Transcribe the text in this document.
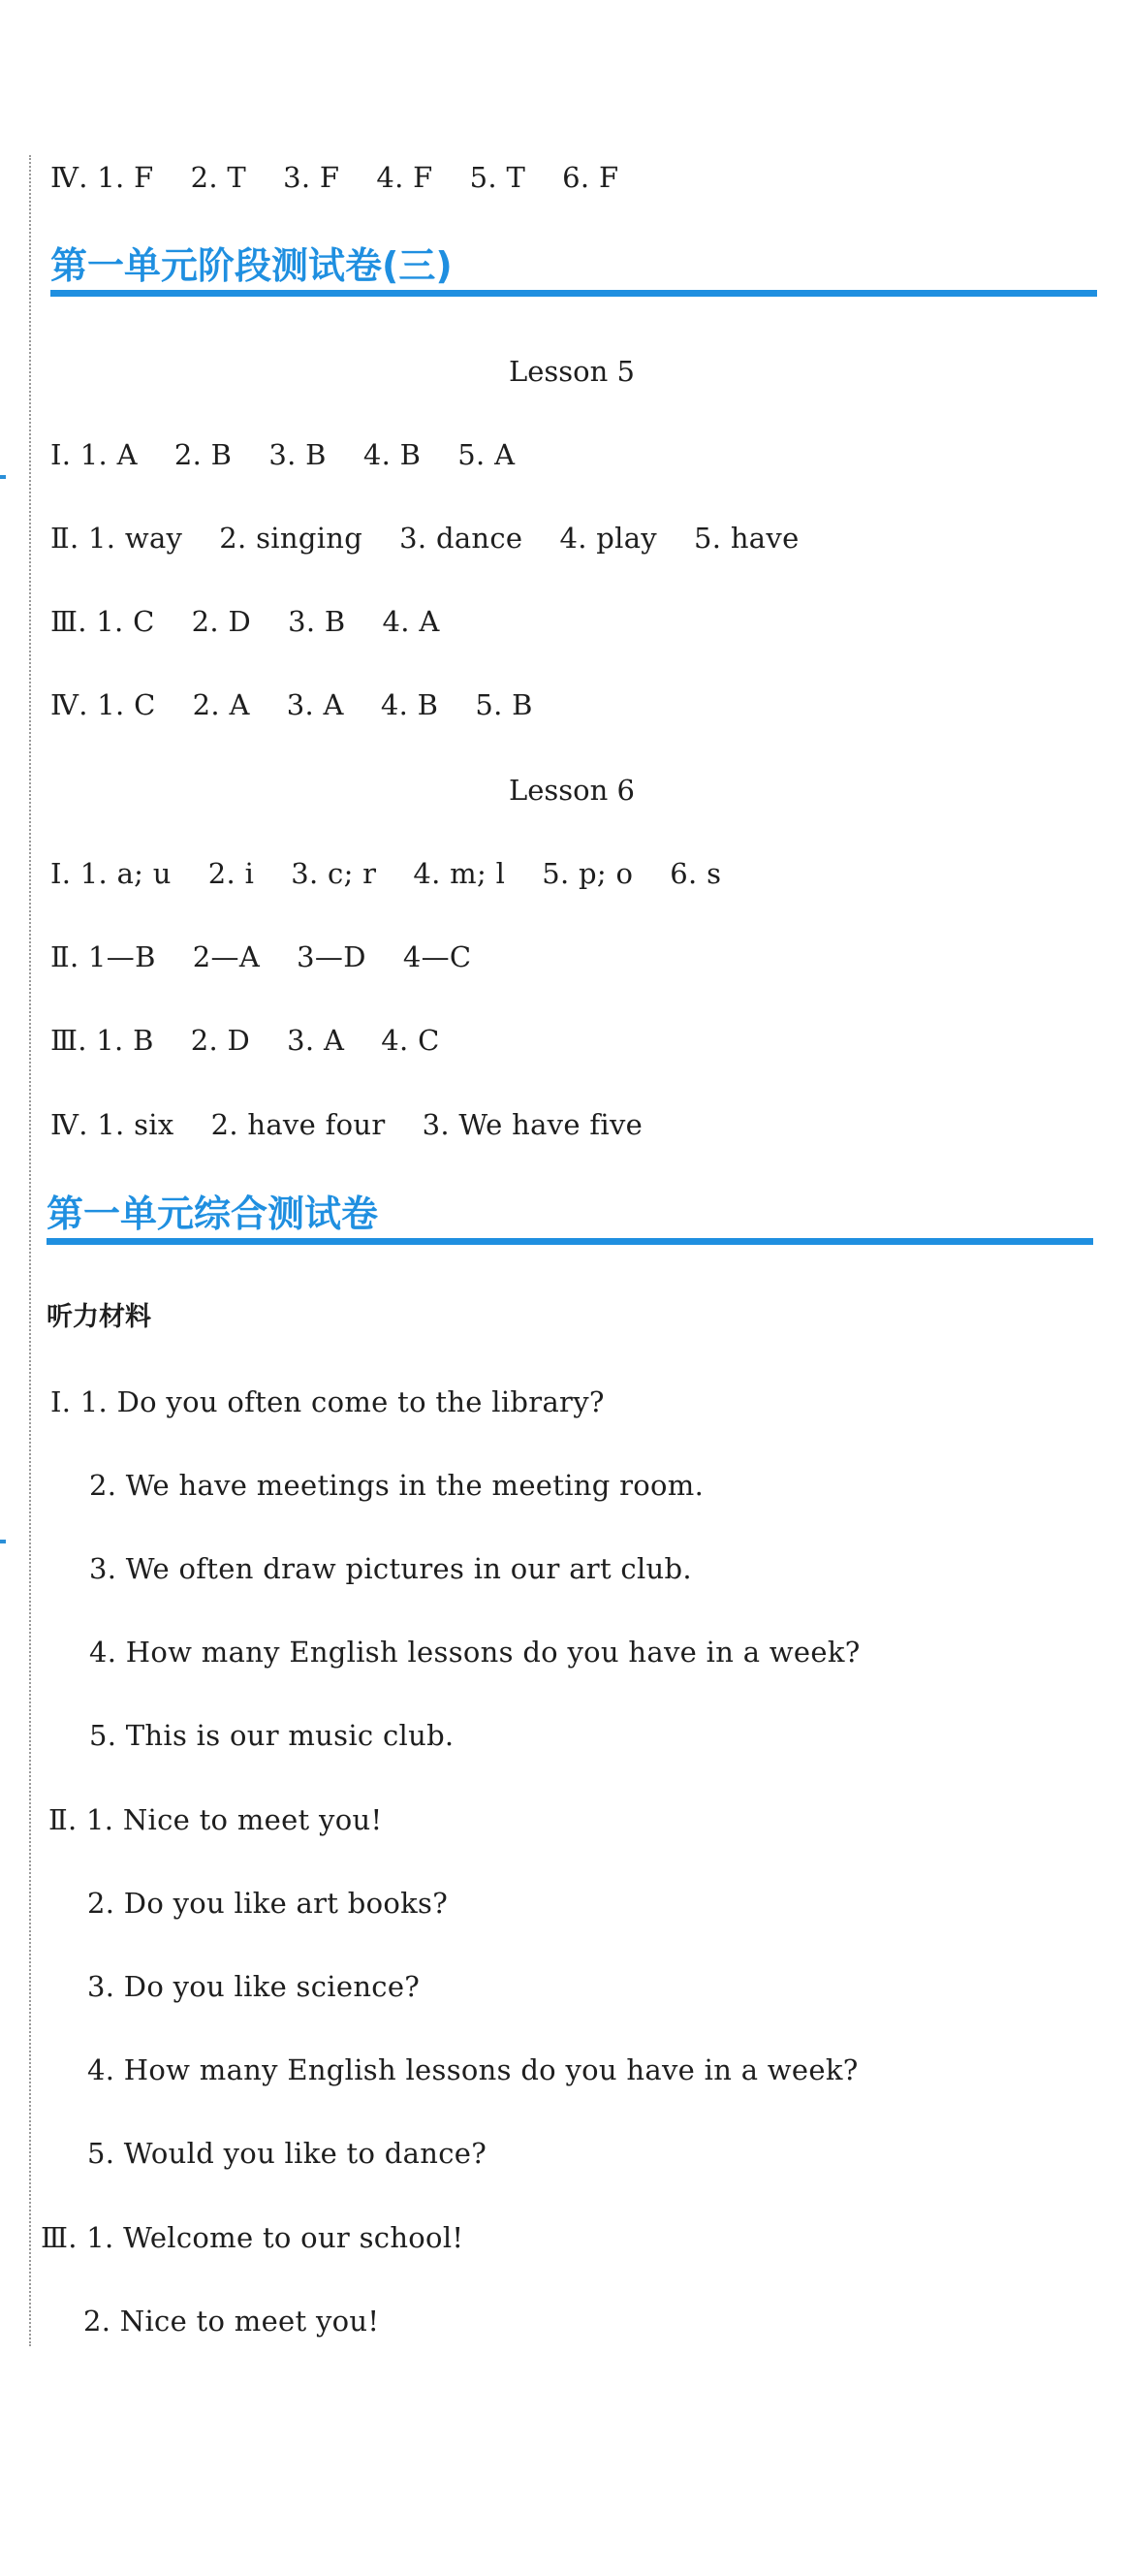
Ⅳ. 1. F    2. T    3. F    4. F    5. T    6. F
第一单元阶段测试卷(三)
Lesson 5
Ⅰ. 1. A    2. B    3. B    4. B    5. A
Ⅱ. 1. way    2. singing    3. dance    4. play    5. have
Ⅲ. 1. C    2. D    3. B    4. A
Ⅳ. 1. C    2. A    3. A    4. B    5. B
Lesson 6
Ⅰ. 1. a; u    2. i    3. c; r    4. m; l    5. p; o    6. s
Ⅱ. 1—B    2—A    3—D    4—C
Ⅲ. 1. B    2. D    3. A    4. C
Ⅳ. 1. six    2. have four    3. We have five
第一单元综合测试卷
听力材料
Ⅰ. 1. Do you often come to the library?
2. We have meetings in the meeting room.
3. We often draw pictures in our art club.
4. How many English lessons do you have in a week?
5. This is our music club.
Ⅱ. 1. Nice to meet you!
2. Do you like art books?
3. Do you like science?
4. How many English lessons do you have in a week?
5. Would you like to dance?
Ⅲ. 1. Welcome to our school!
2. Nice to meet you!
